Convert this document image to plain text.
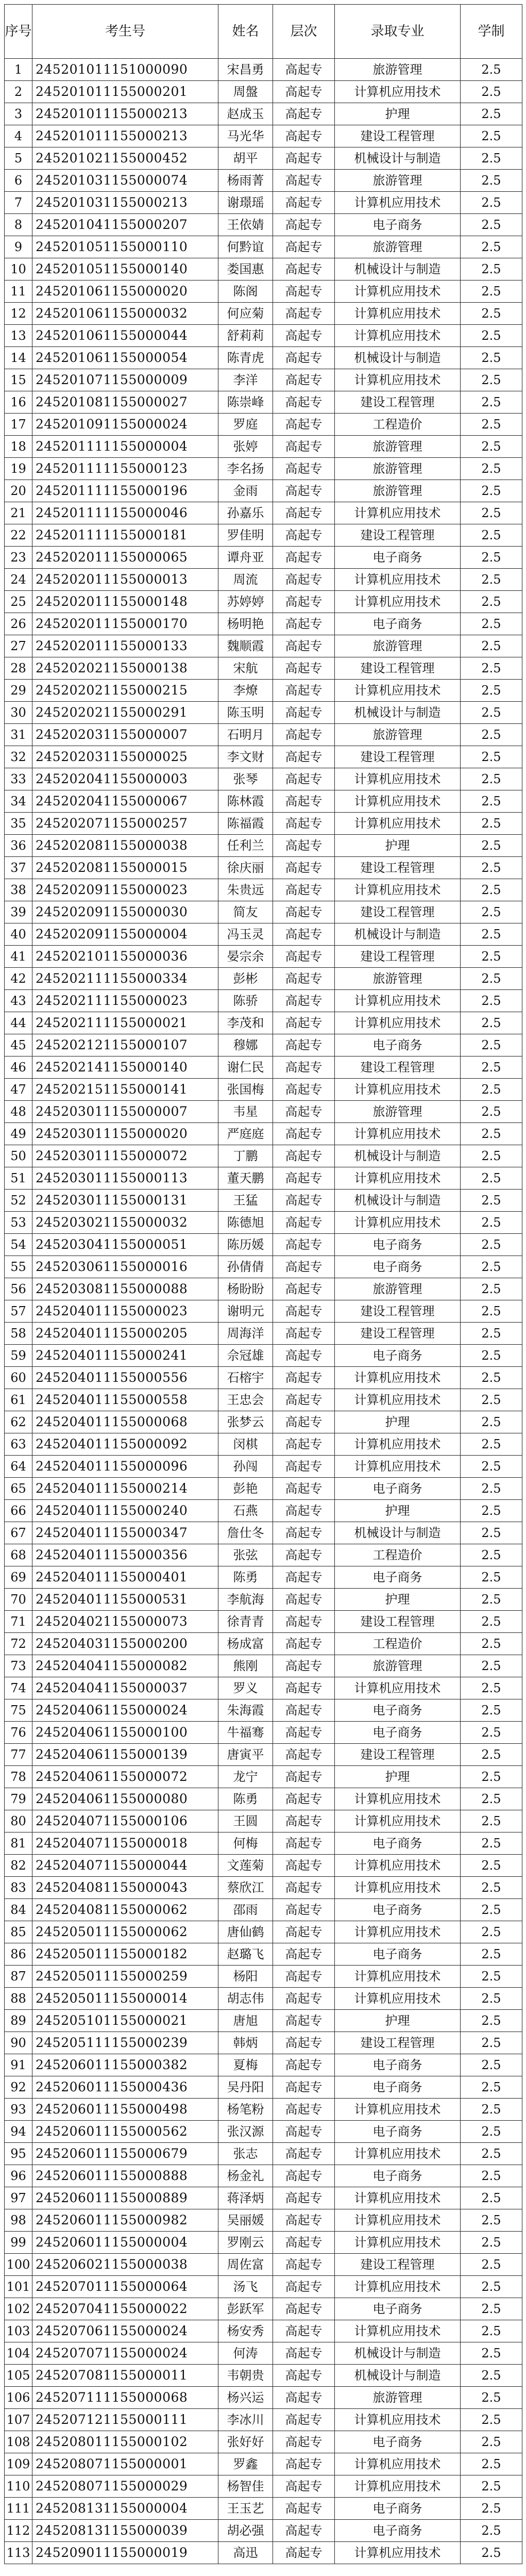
序号	考生号	姓名	层次	录取专业	学制
1	245201011151000090	宋昌勇	高起专	旅游管理	2.5
2	245201011155000201	周盤	高起专	计算机应用技术	2.5
3	245201011155000213	赵成玉	高起专	护理	2.5
4	245201011155000213	马光华	高起专	建设工程管理	2.5
5	245201021155000452	胡平	高起专	机械设计与制造	2.5
6	245201031155000074	杨雨菁	高起专	旅游管理	2.5
7	245201031155000213	谢璟瑶	高起专	计算机应用技术	2.5
8	245201041155000207	王依婧	高起专	电子商务	2.5
9	245201051155000110	何黔谊	高起专	旅游管理	2.5
10	245201051155000140	娄国惠	高起专	机械设计与制造	2.5
11	245201061155000020	陈阁	高起专	计算机应用技术	2.5
12	245201061155000032	何应菊	高起专	计算机应用技术	2.5
13	245201061155000044	舒莉莉	高起专	计算机应用技术	2.5
14	245201061155000054	陈青虎	高起专	机械设计与制造	2.5
15	245201071155000009	李洋	高起专	计算机应用技术	2.5
16	245201081155000027	陈崇峰	高起专	建设工程管理	2.5
17	245201091155000024	罗庭	高起专	工程造价	2.5
18	245201111155000004	张婷	高起专	旅游管理	2.5
19	245201111155000123	李名扬	高起专	旅游管理	2.5
20	245201111155000196	金雨	高起专	旅游管理	2.5
21	245201111155000046	孙嘉乐	高起专	计算机应用技术	2.5
22	245201111155000181	罗佳明	高起专	建设工程管理	2.5
23	245202011155000065	谭舟亚	高起专	电子商务	2.5
24	245202011155000013	周流	高起专	计算机应用技术	2.5
25	245202011155000148	苏婷婷	高起专	计算机应用技术	2.5
26	245202011155000170	杨明艳	高起专	电子商务	2.5
27	245202011155000133	魏顺霞	高起专	旅游管理	2.5
28	245202021155000138	宋航	高起专	建设工程管理	2.5
29	245202021155000215	李燎	高起专	计算机应用技术	2.5
30	245202021155000291	陈玉明	高起专	机械设计与制造	2.5
31	245202031155000007	石明月	高起专	旅游管理	2.5
32	245202031155000025	李文财	高起专	建设工程管理	2.5
33	245202041155000003	张琴	高起专	计算机应用技术	2.5
34	245202041155000067	陈林霞	高起专	计算机应用技术	2.5
35	245202071155000257	陈福霞	高起专	计算机应用技术	2.5
36	245202081155000038	任利兰	高起专	护理	2.5
37	245202081155000015	徐庆丽	高起专	建设工程管理	2.5
38	245202091155000023	朱贵远	高起专	计算机应用技术	2.5
39	245202091155000030	简友	高起专	建设工程管理	2.5
40	245202091155000004	冯玉灵	高起专	机械设计与制造	2.5
41	245202101155000036	晏宗余	高起专	建设工程管理	2.5
42	245202111155000334	彭彬	高起专	旅游管理	2.5
43	245202111155000023	陈骄	高起专	计算机应用技术	2.5
44	245202111155000021	李茂和	高起专	计算机应用技术	2.5
45	245202121155000107	穆娜	高起专	电子商务	2.5
46	245202141155000140	谢仁民	高起专	建设工程管理	2.5
47	245202151155000141	张国梅	高起专	计算机应用技术	2.5
48	245203011155000007	韦星	高起专	旅游管理	2.5
49	245203011155000020	严庭庭	高起专	计算机应用技术	2.5
50	245203011155000072	丁鹏	高起专	机械设计与制造	2.5
51	245203011155000113	董天鹏	高起专	计算机应用技术	2.5
52	245203011155000131	王猛	高起专	机械设计与制造	2.5
53	245203021155000032	陈德旭	高起专	计算机应用技术	2.5
54	245203041155000051	陈历媛	高起专	电子商务	2.5
55	245203061155000016	孙倩倩	高起专	电子商务	2.5
56	245203081155000088	杨盼盼	高起专	旅游管理	2.5
57	245204011155000023	谢明元	高起专	建设工程管理	2.5
58	245204011155000205	周海洋	高起专	建设工程管理	2.5
59	245204011155000241	佘冠雄	高起专	电子商务	2.5
60	245204011155000556	石榕宇	高起专	计算机应用技术	2.5
61	245204011155000558	王忠会	高起专	计算机应用技术	2.5
62	245204011155000068	张梦云	高起专	护理	2.5
63	245204011155000092	闵棋	高起专	计算机应用技术	2.5
64	245204011155000096	孙闯	高起专	计算机应用技术	2.5
65	245204011155000214	彭艳	高起专	电子商务	2.5
66	245204011155000240	石燕	高起专	护理	2.5
67	245204011155000347	詹仕冬	高起专	机械设计与制造	2.5
68	245204011155000356	张弦	高起专	工程造价	2.5
69	245204011155000401	陈勇	高起专	电子商务	2.5
70	245204011155000531	李航海	高起专	护理	2.5
71	245204021155000073	徐青青	高起专	建设工程管理	2.5
72	245204031155000200	杨成富	高起专	工程造价	2.5
73	245204041155000082	熊刚	高起专	旅游管理	2.5
74	245204041155000037	罗义	高起专	计算机应用技术	2.5
75	245204061155000024	朱海霞	高起专	电子商务	2.5
76	245204061155000100	牛福骞	高起专	电子商务	2.5
77	245204061155000139	唐寅平	高起专	建设工程管理	2.5
78	245204061155000072	龙宁	高起专	护理	2.5
79	245204061155000080	陈勇	高起专	计算机应用技术	2.5
80	245204071155000106	王圆	高起专	计算机应用技术	2.5
81	245204071155000018	何梅	高起专	电子商务	2.5
82	245204071155000044	文莲菊	高起专	计算机应用技术	2.5
83	245204081155000043	蔡欣江	高起专	计算机应用技术	2.5
84	245204081155000062	邵雨	高起专	电子商务	2.5
85	245205011155000062	唐仙鹤	高起专	计算机应用技术	2.5
86	245205011155000182	赵璐飞	高起专	电子商务	2.5
87	245205011155000259	杨阳	高起专	计算机应用技术	2.5
88	245205011155000014	胡志伟	高起专	计算机应用技术	2.5
89	245205101155000021	唐旭	高起专	护理	2.5
90	245205111155000239	韩炳	高起专	建设工程管理	2.5
91	245206011155000382	夏梅	高起专	电子商务	2.5
92	245206011155000436	吴丹阳	高起专	电子商务	2.5
93	245206011155000498	杨笔粉	高起专	计算机应用技术	2.5
94	245206011155000562	张汉源	高起专	电子商务	2.5
95	245206011155000679	张志	高起专	计算机应用技术	2.5
96	245206011155000888	杨金礼	高起专	电子商务	2.5
97	245206011155000889	蒋泽炳	高起专	计算机应用技术	2.5
98	245206011155000982	吴丽媛	高起专	计算机应用技术	2.5
99	245206011155000004	罗刚云	高起专	计算机应用技术	2.5
100	245206021155000038	周佐富	高起专	建设工程管理	2.5
101	245207011155000064	汤飞	高起专	计算机应用技术	2.5
102	245207041155000022	彭跃军	高起专	电子商务	2.5
103	245207061155000024	杨安秀	高起专	计算机应用技术	2.5
104	245207071155000024	何涛	高起专	机械设计与制造	2.5
105	245207081155000011	韦朝贵	高起专	机械设计与制造	2.5
106	245207111155000068	杨兴运	高起专	旅游管理	2.5
107	245207121155000111	李冰川	高起专	计算机应用技术	2.5
108	245208011155000102	张好好	高起专	电子商务	2.5
109	245208071155000001	罗鑫	高起专	计算机应用技术	2.5
110	245208071155000029	杨智佳	高起专	计算机应用技术	2.5
111	245208131155000004	王玉艺	高起专	电子商务	2.5
112	245208131155000039	胡必强	高起专	电子商务	2.5
113	245209011155000019	高迅	高起专	计算机应用技术	2.5
